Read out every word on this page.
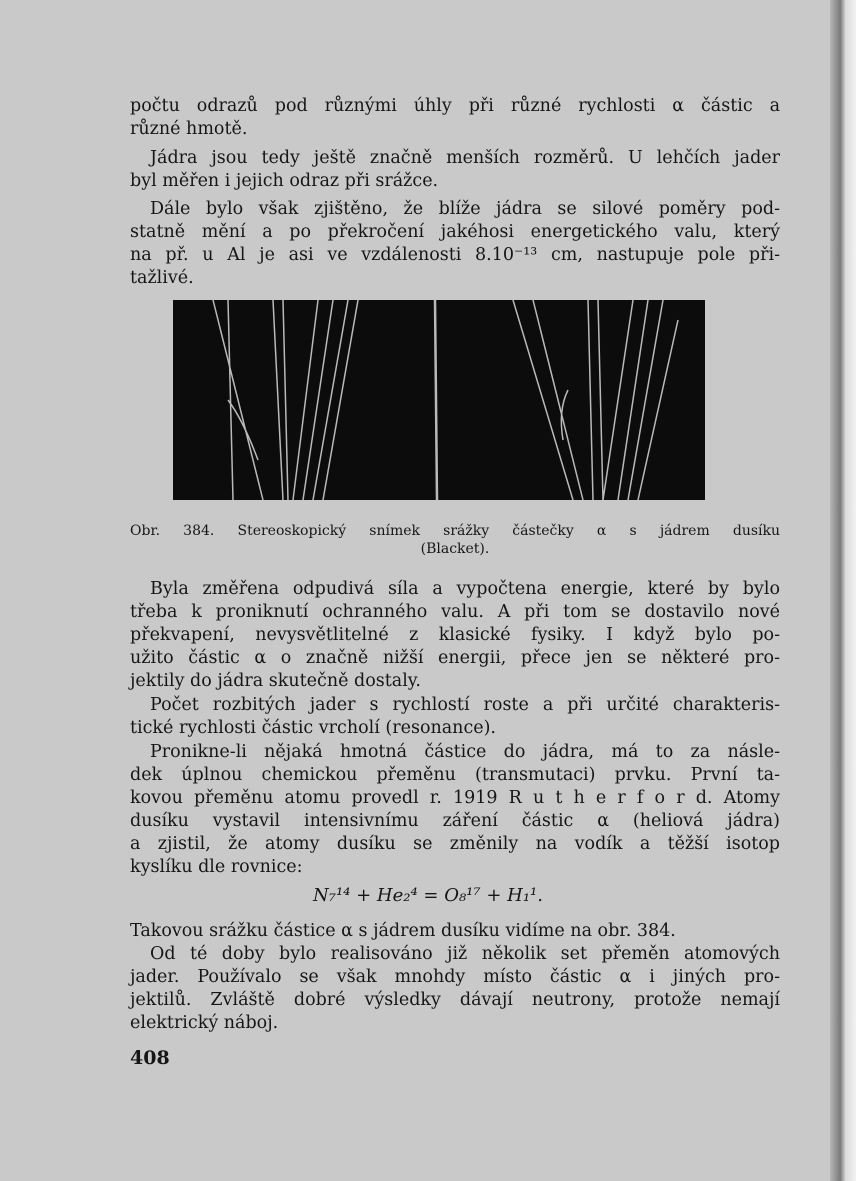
počtu odrazů pod různými úhly při různé rychlosti α částic a
různé hmotě.
Jádra jsou tedy ještě značně menších rozměrů. U lehčích jader
byl měřen i jejich odraz při srážce.
Dále bylo však zjištěno, že blíže jádra se silové poměry pod-
statně mění a po překročení jakéhosi energetického valu, který
na př. u Al je asi ve vzdálenosti 8.10⁻¹³ cm, nastupuje pole při-
tažlivé.
Obr. 384. Stereoskopický snímek srážky částečky α s jádrem dusíku
(Blacket).
Byla změřena odpudivá síla a vypočtena energie, které by bylo
třeba k proniknutí ochranného valu. A při tom se dostavilo nové
překvapení, nevysvětlitelné z klasické fysiky. I když bylo po-
užito částic α o značně nižší energii, přece jen se některé pro-
jektily do jádra skutečně dostaly.
Počet rozbitých jader s rychlostí roste a při určité charakteris-
tické rychlosti částic vrcholí (resonance).
Pronikne-li nějaká hmotná částice do jádra, má to za násle-
dek úplnou chemickou přeměnu (transmutaci) prvku. První ta-
kovou přeměnu atomu provedl r. 1919 R u t h e r f o r d. Atomy
dusíku vystavil intensivnímu záření částic α (heliová jádra)
a zjistil, že atomy dusíku se změnily na vodík a těžší isotop
kyslíku dle rovnice:
N₇¹⁴ + He₂⁴ = O₈¹⁷ + H₁¹.
Takovou srážku částice α s jádrem dusíku vidíme na obr. 384.
Od té doby bylo realisováno již několik set přeměn atomových
jader. Používalo se však mnohdy místo částic α i jiných pro-
jektilů. Zvláště dobré výsledky dávají neutrony, protože nemají
elektrický náboj.
408
